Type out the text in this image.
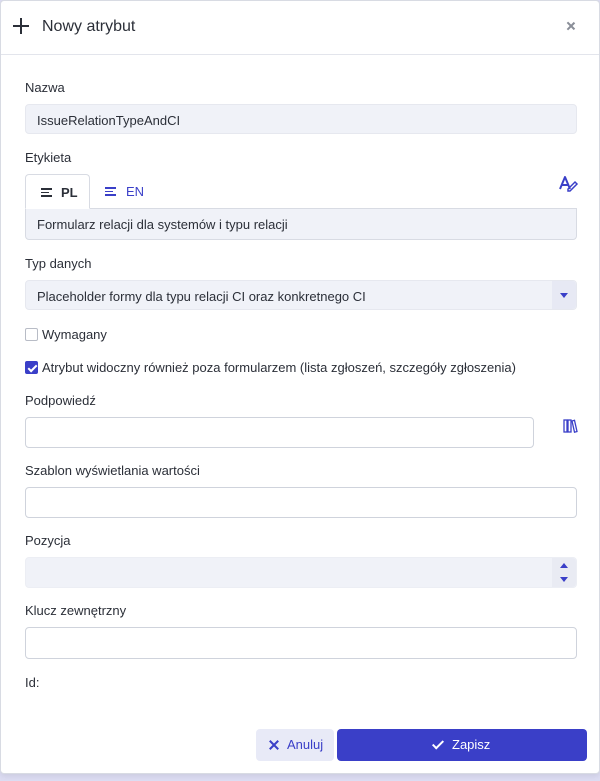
Nowy atrybut
Nazwa
IssueRelationTypeAndCI
Etykieta
PL	EN
Formularz relacji dla systemów i typu relacji
Typ danych
Placeholder formy dla typu relacji CI oraz konkretnego CI
Wymagany
Atrybut widoczny również poza formularzem (lista zgłoszeń, szczegóły zgłoszenia)
Podpowiedź
Szablon wyświetlania wartości
Pozycja
Klucz zewnętrzny
Id:
Anuluj	Zapisz
